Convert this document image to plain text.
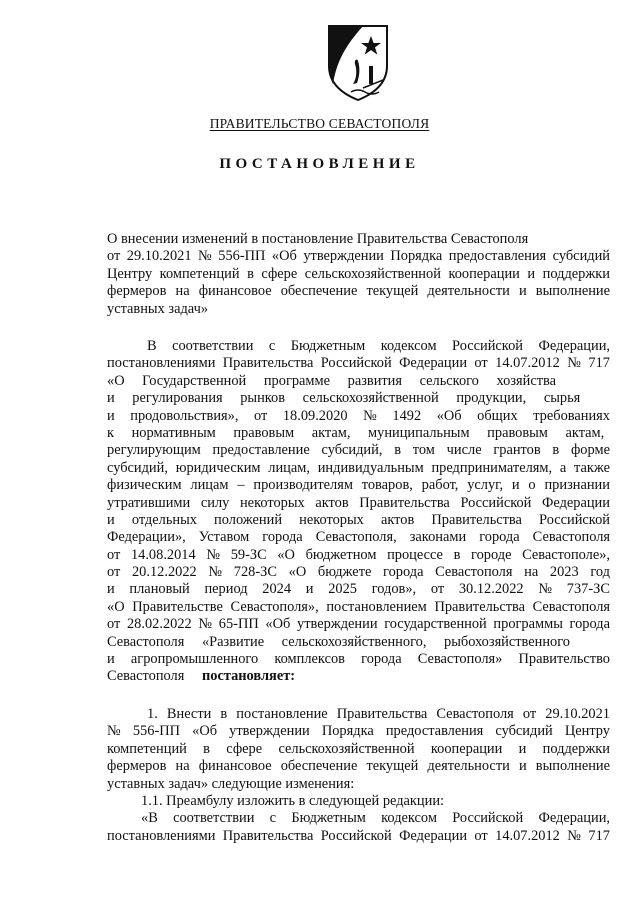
ПРАВИТЕЛЬСТВО СЕВАСТОПОЛЯ
ПОСТАНОВЛЕНИЕ
О внесении изменений в постановление Правительства Севастополя
от 29.10.2021 № 556-ПП «Об утверждении Порядка предоставления субсидий
Центру компетенций в сфере сельскохозяйственной кооперации и поддержки
фермеров на финансовое обеспечение текущей деятельности и выполнение
уставных задач»
В соответствии с Бюджетным кодексом Российской Федерации,
постановлениями Правительства Российской Федерации от 14.07.2012 № 717
«О Государственной программе развития сельского хозяйства
и регулирования рынков сельскохозяйственной продукции, сырья
и продовольствия», от 18.09.2020 № 1492 «Об общих требованиях
к нормативным правовым актам, муниципальным правовым актам,
регулирующим предоставление субсидий, в том числе грантов в форме
субсидий, юридическим лицам, индивидуальным предпринимателям, а также
физическим лицам – производителям товаров, работ, услуг, и о признании
утратившими силу некоторых актов Правительства Российской Федерации
и отдельных положений некоторых актов Правительства Российской
Федерации», Уставом города Севастополя, законами города Севастополя
от 14.08.2014 № 59-ЗС «О бюджетном процессе в городе Севастополе»,
от 20.12.2022 № 728-ЗС «О бюджете города Севастополя на 2023 год
и плановый период 2024 и 2025 годов», от 30.12.2022 № 737-ЗС
«О Правительстве Севастополя», постановлением Правительства Севастополя
от 28.02.2022 № 65-ПП «Об утверждении государственной программы города
Севастополя «Развитие сельскохозяйственного, рыбохозяйственного
и агропромышленного комплексов города Севастополя» Правительство
Севастополя постановляет:
1. Внести в постановление Правительства Севастополя от 29.10.2021
№ 556-ПП «Об утверждении Порядка предоставления субсидий Центру
компетенций в сфере сельскохозяйственной кооперации и поддержки
фермеров на финансовое обеспечение текущей деятельности и выполнение
уставных задач» следующие изменения:
1.1. Преамбулу изложить в следующей редакции:
«В соответствии с Бюджетным кодексом Российской Федерации,
постановлениями Правительства Российской Федерации от 14.07.2012 № 717
